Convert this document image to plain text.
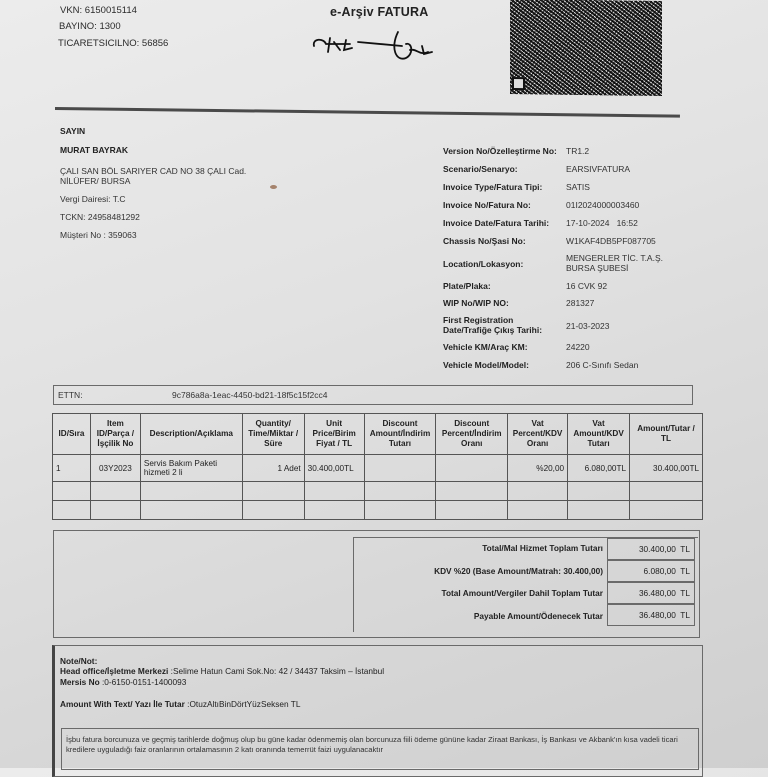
VKN: 6150015114
BAYINO: 1300
TICARETSICILNO: 56856
e-Arşiv FATURA
SAYIN
MURAT BAYRAK
ÇALI SAN BÖL SARIYER CAD NO 38 ÇALI Cad.
NİLÜFER/ BURSA
Vergi Dairesi: T.C
TCKN: 24958481292
Müşteri No : 359063
Version No/Özelleştirme No: TR1.2
Scenario/Senaryo:	EARSIVFATURA
Invoice Type/Fatura Tipi:	SATIS
Invoice No/Fatura No:	01I2024000003460
Invoice Date/Fatura Tarihi: 17-10-2024   16:52
Chassis No/Şasi No:	W1KAF4DB5PF087705
Location/Lokasyon:
MENGERLER TİC. T.A.Ş.
BURSA ŞUBESİ
Plate/Plaka:	16 CVK 92
WIP No/WIP NO:	281327
First Registration
Date/Trafiğe Çıkış Tarihi:	21-03-2023
Vehicle KM/Araç KM:	24220
Vehicle Model/Model:	206 C-Sınıfı Sedan
ETTN:	9c786a8a-1eac-4450-bd21-18f5c15f2cc4
ID/Sıra	Item ID/Parça / İşçilik No	Description/Açıklama	Quantity/ Time/Miktar / Süre	Unit Price/Birim Fiyat / TL	Discount Amount/İndirim Tutarı	Discount Percent/İndirim Oranı	Vat Percent/KDV Oranı	Vat Amount/KDV Tutarı	Amount/Tutar / TL
1	03Y2023	Servis Bakım Paketi hizmeti 2 li	1 Adet	30.400,00TL			%20,00	6.080,00TL	30.400,00TL

Total/Mal Hizmet Toplam Tutarı	30.400,00  TL
KDV %20 (Base Amount/Matrah: 30.400,00)	6.080,00  TL
Total Amount/Vergiler Dahil Toplam Tutar	36.480,00  TL
Payable Amount/Ödenecek Tutar	36.480,00  TL
Note/Not:
Head office/İşletme Merkezi :Selime Hatun Cami Sok.No: 42 / 34437 Taksim – İstanbul
Mersis No :0-6150-0151-1400093
Amount With Text/ Yazı İle Tutar :OtuzAltıBinDörtYüzSeksen TL
İşbu fatura borcunuza ve geçmiş tarihlerde doğmuş olup bu güne kadar ödenmemiş olan borcunuza fiili ödeme gününe kadar Ziraat Bankası, İş Bankası ve Akbank'ın kısa vadeli ticari kredilere uyguladığı faiz oranlarının ortalamasının 2 katı oranında temerrüt faizi uygulanacaktır
